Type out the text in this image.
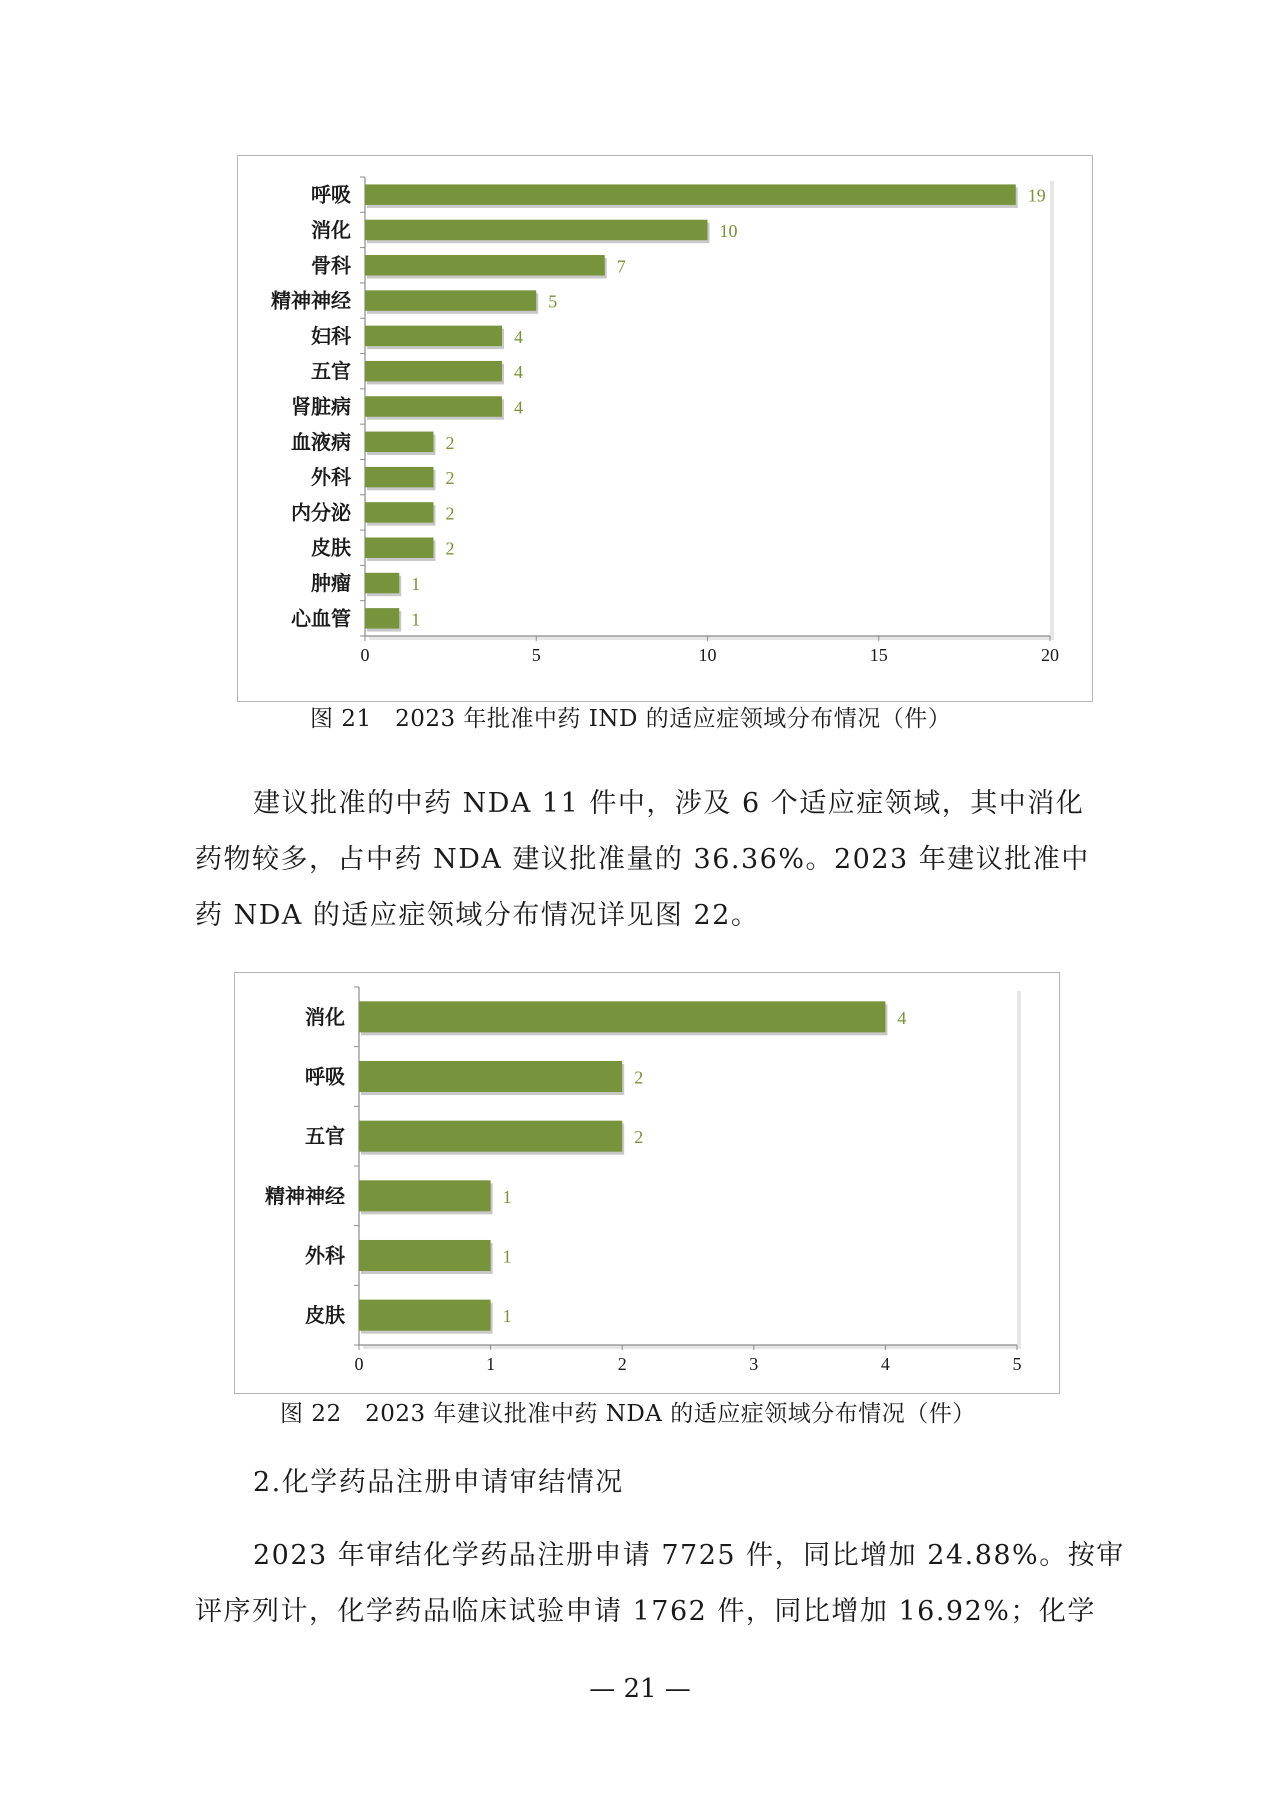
呼吸	19
消化	10
骨科	7
精神神经	5
妇科	4
五官	4
肾脏病	4
血液病	2
外科	2
内分泌	2
皮肤	2
肿瘤	1
心血管	1
0	5	10	15	20
图 21　2023 年批准中药 IND 的适应症领域分布情况（件）
建议批准的中药 NDA 11 件中，涉及 6 个适应症领域，其中消化
药物较多，占中药 NDA 建议批准量的 36.36%。2023 年建议批准中
药 NDA 的适应症领域分布情况详见图 22。
消化	4
呼吸	2
五官	2
精神神经	1
外科	1
皮肤	1
0	1	2	3	4	5
图 22　2023 年建议批准中药 NDA 的适应症领域分布情况（件）
2.化学药品注册申请审结情况
2023 年审结化学药品注册申请 7725 件，同比增加 24.88%。按审
评序列计，化学药品临床试验申请 1762 件，同比增加 16.92%；化学
— 21 —
